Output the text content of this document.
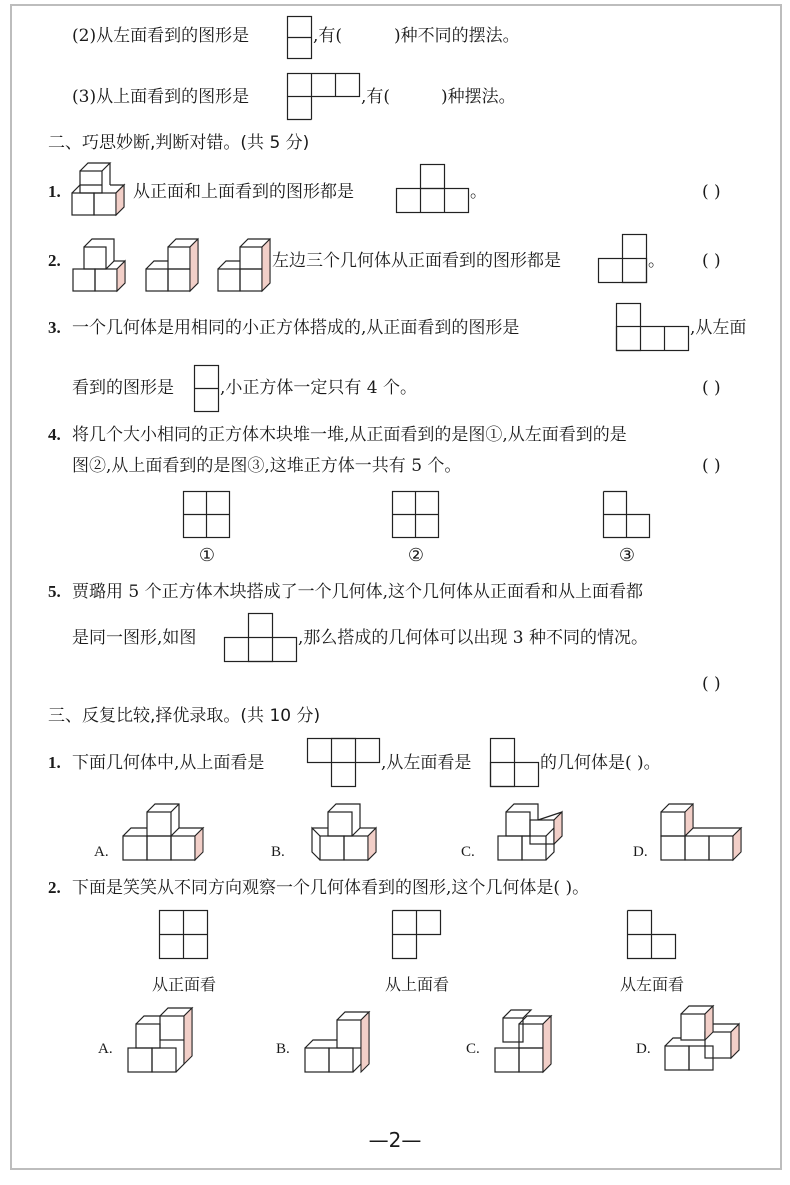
(2)从左面看到的图形是	,有(	)种不同的摆法。
(3)从上面看到的图形是	,有(	)种摆法。
二、巧思妙断,判断对错。(共 5 分)
1.	从正面和上面看到的图形都是	。	( )
2.	左边三个几何体从正面看到的图形都是	。 ( )
3. 一个几何体是用相同的小正方体搭成的,从正面看到的图形是	,从左面
看到的图形是	,小正方体一定只有 4 个。	( )
4. 将几个大小相同的正方体木块堆一堆,从正面看到的是图①,从左面看到的是
图②,从上面看到的是图③,这堆正方体一共有 5 个。	( )
①	②	③
5. 贾璐用 5 个正方体木块搭成了一个几何体,这个几何体从正面看和从上面看都
是同一图形,如图	,那么搭成的几何体可以出现 3 种不同的情况。
( )
三、反复比较,择优录取。(共 10 分)
1. 下面几何体中,从上面看是	,从左面看是	的几何体是( )。
A.	B.	C.	D.
2. 下面是笑笑从不同方向观察一个几何体看到的图形,这个几何体是( )。
从正面看	从上面看	从左面看
A.	B.	C.	D.
—2—
